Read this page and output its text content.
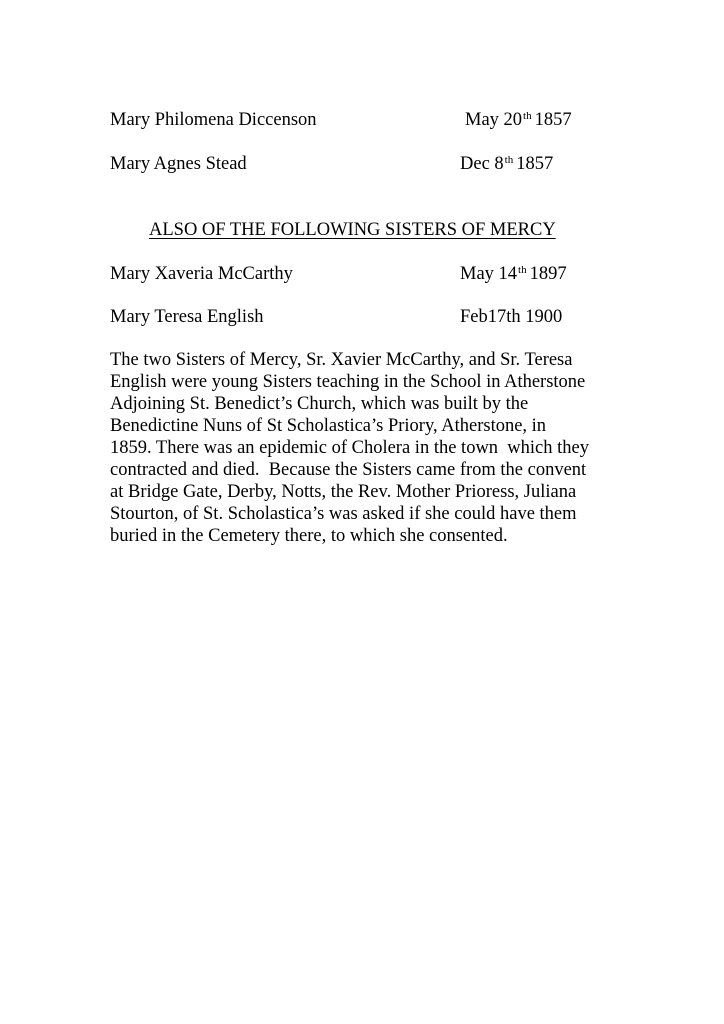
Mary Philomena Diccenson	May 20th 1857
Mary Agnes Stead	Dec 8th 1857
ALSO OF THE FOLLOWING SISTERS OF MERCY
Mary Xaveria McCarthy	May 14th 1897
Mary Teresa English	Feb17th 1900
The two Sisters of Mercy, Sr. Xavier McCarthy, and Sr. Teresa
English were young Sisters teaching in the School in Atherstone
Adjoining St. Benedict’s Church, which was built by the
Benedictine Nuns of St Scholastica’s Priory, Atherstone, in
1859. There was an epidemic of Cholera in the town  which they
contracted and died.  Because the Sisters came from the convent
at Bridge Gate, Derby, Notts, the Rev. Mother Prioress, Juliana
Stourton, of St. Scholastica’s was asked if she could have them
buried in the Cemetery there, to which she consented.
